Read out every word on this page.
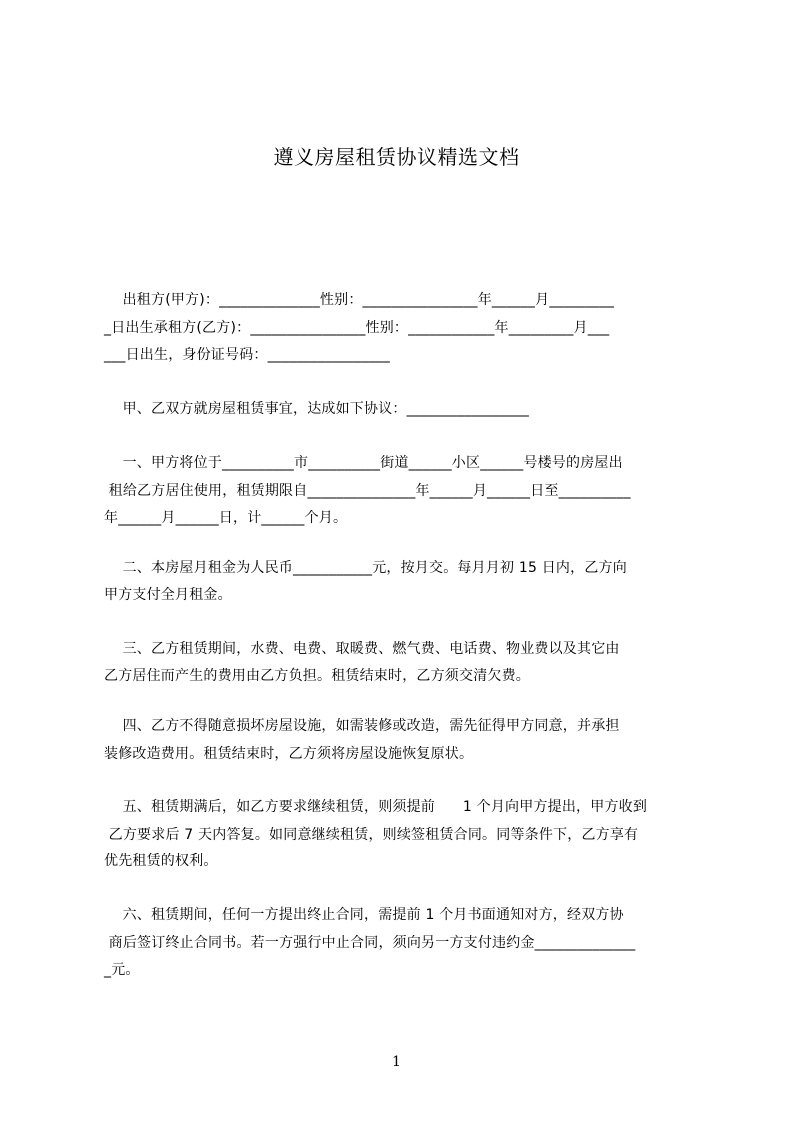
遵义房屋租赁协议精选文档
出租方(甲方)：______________性别：________________年______月_________
_日出生承租方(乙方)：________________性别：____________年_________月___
___日出生，身份证号码：_________________
甲、乙双方就房屋租赁事宜，达成如下协议：_________________
一、甲方将位于__________市__________街道______小区______号楼号的房屋出
租给乙方居住使用，租赁期限自_______________年______月______日至__________
年______月______日，计______个月。
二、本房屋月租金为人民币___________元，按月交。每月月初 15 日内，乙方向
甲方支付全月租金。
三、乙方租赁期间，水费、电费、取暖费、燃气费、电话费、物业费以及其它由
乙方居住而产生的费用由乙方负担。租赁结束时，乙方须交清欠费。
四、乙方不得随意损坏房屋设施，如需装修或改造，需先征得甲方同意，并承担
装修改造费用。租赁结束时，乙方须将房屋设施恢复原状。
五、租赁期满后，如乙方要求继续租赁，则须提前      1 个月向甲方提出，甲方收到
乙方要求后 7 天内答复。如同意继续租赁，则续签租赁合同。同等条件下，乙方享有
优先租赁的权利。
六、租赁期间，任何一方提出终止合同，需提前 1 个月书面通知对方，经双方协
商后签订终止合同书。若一方强行中止合同，须向另一方支付违约金______________
_元。
1
